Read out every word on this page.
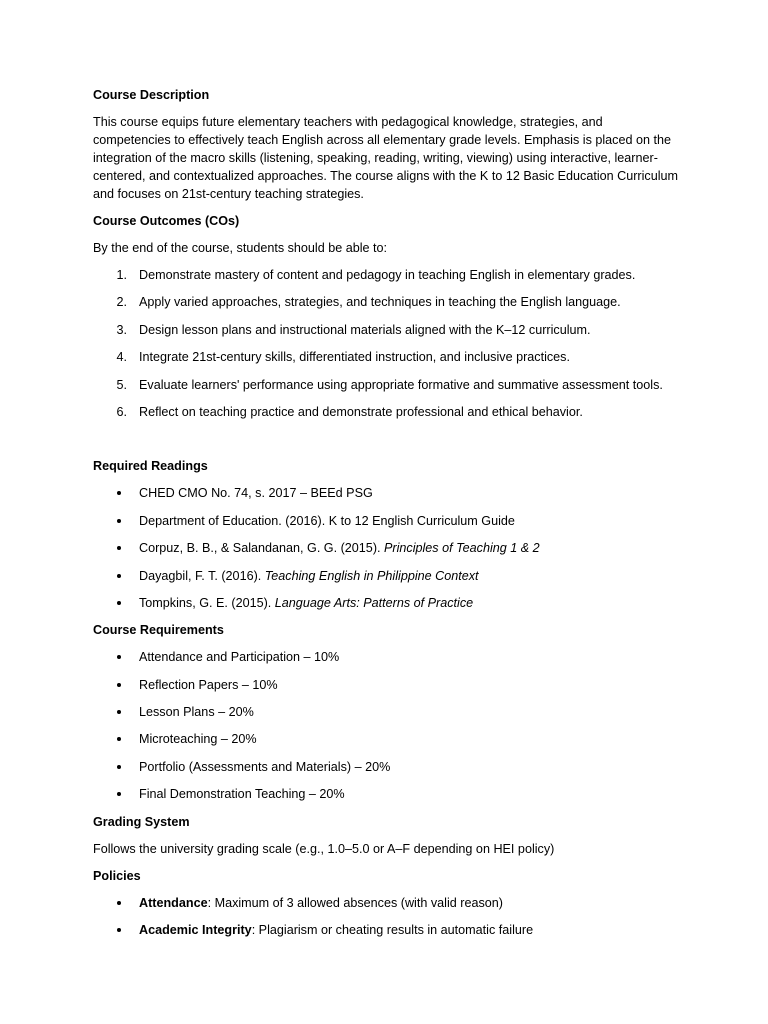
Course Description
This course equips future elementary teachers with pedagogical knowledge, strategies, and competencies to effectively teach English across all elementary grade levels. Emphasis is placed on the integration of the macro skills (listening, speaking, reading, writing, viewing) using interactive, learner-centered, and contextualized approaches. The course aligns with the K to 12 Basic Education Curriculum and focuses on 21st-century teaching strategies.
Course Outcomes (COs)
By the end of the course, students should be able to:
1. Demonstrate mastery of content and pedagogy in teaching English in elementary grades.
2. Apply varied approaches, strategies, and techniques in teaching the English language.
3. Design lesson plans and instructional materials aligned with the K–12 curriculum.
4. Integrate 21st-century skills, differentiated instruction, and inclusive practices.
5. Evaluate learners' performance using appropriate formative and summative assessment tools.
6. Reflect on teaching practice and demonstrate professional and ethical behavior.
Required Readings
CHED CMO No. 74, s. 2017 – BEEd PSG
Department of Education. (2016). K to 12 English Curriculum Guide
Corpuz, B. B., & Salandanan, G. G. (2015). Principles of Teaching 1 & 2
Dayagbil, F. T. (2016). Teaching English in Philippine Context
Tompkins, G. E. (2015). Language Arts: Patterns of Practice
Course Requirements
Attendance and Participation – 10%
Reflection Papers – 10%
Lesson Plans – 20%
Microteaching – 20%
Portfolio (Assessments and Materials) – 20%
Final Demonstration Teaching – 20%
Grading System
Follows the university grading scale (e.g., 1.0–5.0 or A–F depending on HEI policy)
Policies
Attendance: Maximum of 3 allowed absences (with valid reason)
Academic Integrity: Plagiarism or cheating results in automatic failure
